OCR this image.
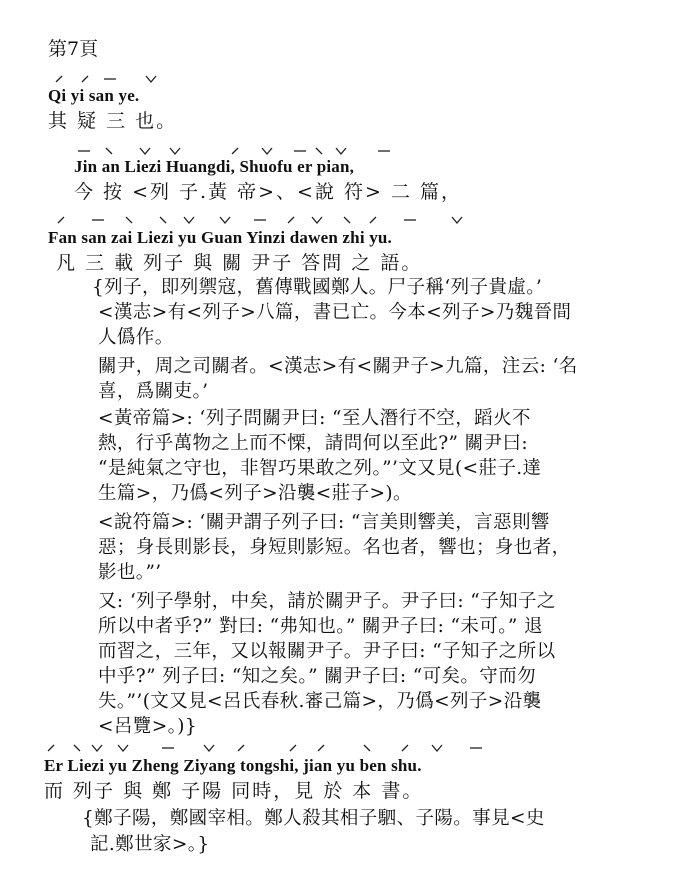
第7頁
Qi yi san ye.
其 疑 三 也。
Jin an Liezi Huangdi, Shuofu er pian,
今 按 <列 子.黃 帝>、<說 符> 二 篇，
Fan san zai Liezi yu Guan Yinzi dawen zhi yu.
凡 三 載 列子 與 關 尹子 答問 之 語。
{列子，即列禦寇，舊傳戰國鄭人。尸子稱‘列子貴虛。’
<漢志>有<列子>八篇，書已亡。今本<列子>乃魏晉間
人僞作。
關尹，周之司關者。<漢志>有<關尹子>九篇，注云: ‘名
喜，爲關吏。’
<黃帝篇>: ‘列子問關尹曰: “至人潛行不空，蹈火不
熱，行乎萬物之上而不慄，請問何以至此?” 關尹曰:
“是純氣之守也，非智巧果敢之列。”’文又見(<莊子.達
生篇>，乃僞<列子>沿襲<莊子>)。
<說符篇>: ‘關尹謂子列子曰: “言美則響美，言惡則響
惡；身長則影長，身短則影短。名也者，響也；身也者，
影也。”’
又: ‘列子學射，中矣，請於關尹子。尹子曰: “子知子之
所以中者乎?” 對曰: “弗知也。” 關尹子曰: “未可。” 退
而習之，三年，又以報關尹子。尹子曰: “子知子之所以
中乎?” 列子曰: “知之矣。” 關尹子曰: “可矣。守而勿
失。”’(文又見<呂氏春秋.審己篇>，乃僞<列子>沿襲
<呂覽>。)}
Er Liezi yu Zheng Ziyang tongshi, jian yu ben shu.
而 列子 與 鄭 子陽 同時，見 於 本 書。
{鄭子陽，鄭國宰相。鄭人殺其相子駟、子陽。事見<史
記.鄭世家>。}
